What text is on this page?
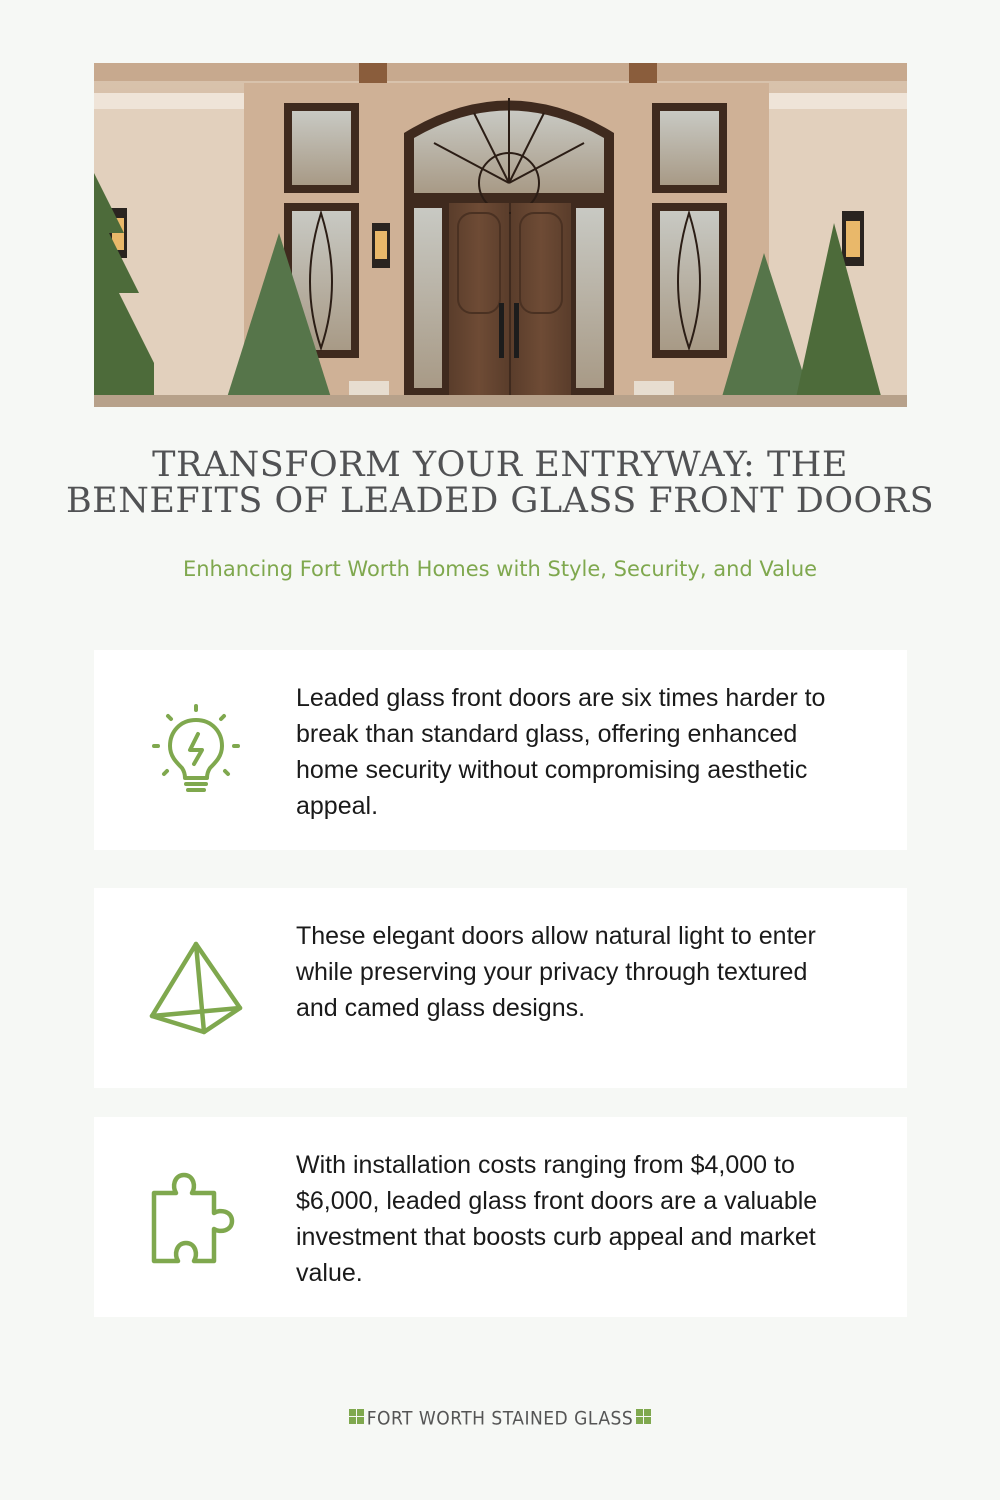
TRANSFORM YOUR ENTRYWAY: THE BENEFITS OF LEADED GLASS FRONT DOORS

Enhancing Fort Worth Homes with Style, Security, and Value

Leaded glass front doors are six times harder to break than standard glass, offering enhanced home security without compromising aesthetic appeal.

These elegant doors allow natural light to enter while preserving your privacy through textured and camed glass designs.

With installation costs ranging from $4,000 to $6,000, leaded glass front doors are a valuable investment that boosts curb appeal and market value.

FORT WORTH STAINED GLASS
